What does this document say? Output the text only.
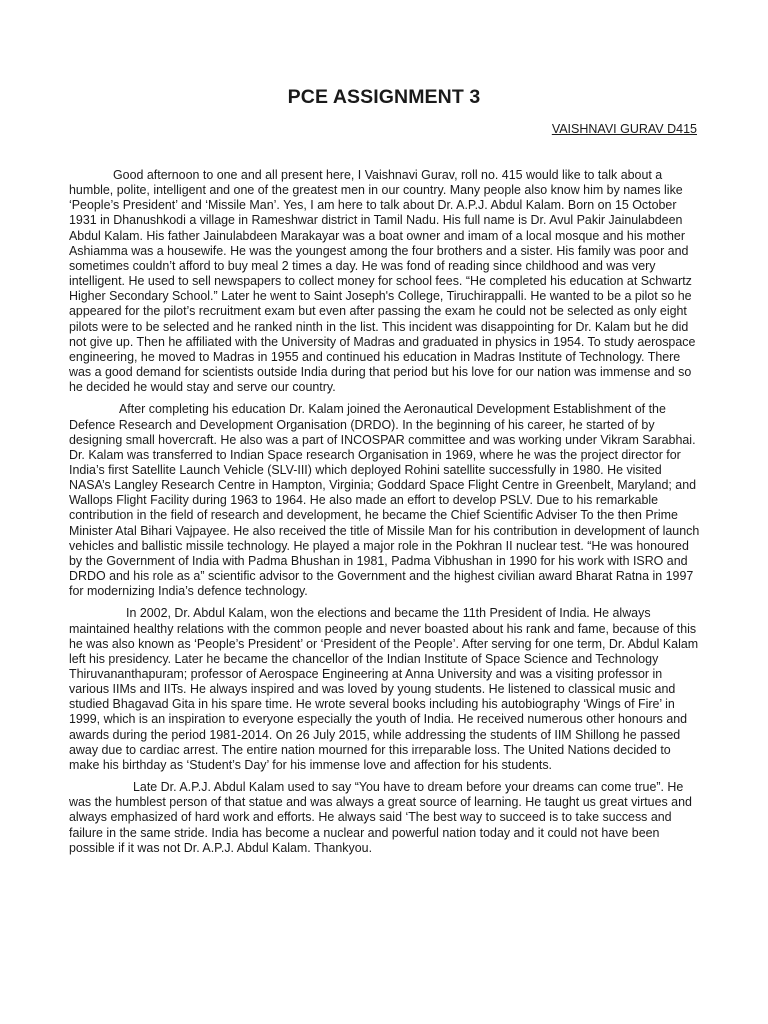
PCE ASSIGNMENT 3
VAISHNAVI GURAV D415

Good afternoon to one and all present here, I Vaishnavi Gurav, roll no. 415 would like to talk about a humble, polite, intelligent and one of the greatest men in our country. Many people also know him by names like ‘People’s President’ and ‘Missile Man’. Yes, I am here to talk about Dr. A.P.J. Abdul Kalam. Born on 15 October 1931 in Dhanushkodi a village in Rameshwar district in Tamil Nadu. His full name is Dr. Avul Pakir Jainulabdeen Abdul Kalam. His father Jainulabdeen Marakayar was a boat owner and imam of a local mosque and his mother Ashiamma was a housewife. He was the youngest among the four brothers and a sister. His family was poor and sometimes couldn’t afford to buy meal 2 times a day. He was fond of reading since childhood and was very intelligent. He used to sell newspapers to collect money for school fees. “He completed his education at Schwartz Higher Secondary School.” Later he went to Saint Joseph's College, Tiruchirappalli. He wanted to be a pilot so he appeared for the pilot’s recruitment exam but even after passing the exam he could not be selected as only eight pilots were to be selected and he ranked ninth in the list. This incident was disappointing for Dr. Kalam but he did not give up. Then he affiliated with the University of Madras and graduated in physics in 1954. To study aerospace engineering, he moved to Madras in 1955 and continued his education in Madras Institute of Technology. There was a good demand for scientists outside India during that period but his love for our nation was immense and so he decided he would stay and serve our country.

After completing his education Dr. Kalam joined the Aeronautical Development Establishment of the Defence Research and Development Organisation (DRDO). In the beginning of his career, he started of by designing small hovercraft. He also was a part of INCOSPAR committee and was working under Vikram Sarabhai. Dr. Kalam was transferred to Indian Space research Organisation in 1969, where he was the project director for India’s first Satellite Launch Vehicle (SLV-III) which deployed Rohini satellite successfully in 1980. He visited NASA’s Langley Research Centre in Hampton, Virginia; Goddard Space Flight Centre in Greenbelt, Maryland; and Wallops Flight Facility during 1963 to 1964. He also made an effort to develop PSLV. Due to his remarkable contribution in the field of research and development, he became the Chief Scientific Adviser To the then Prime Minister Atal Bihari Vajpayee. He also received the title of Missile Man for his contribution in development of launch vehicles and ballistic missile technology. He played a major role in the Pokhran II nuclear test. “He was honoured by the Government of India with Padma Bhushan in 1981, Padma Vibhushan in 1990 for his work with ISRO and DRDO and his role as a” scientific advisor to the Government and the highest civilian award Bharat Ratna in 1997 for modernizing India’s defence technology.

In 2002, Dr. Abdul Kalam, won the elections and became the 11th President of India. He always maintained healthy relations with the common people and never boasted about his rank and fame, because of this he was also known as ‘People’s President’ or ‘President of the People’. After serving for one term, Dr. Abdul Kalam left his presidency. Later he became the chancellor of the Indian Institute of Space Science and Technology Thiruvananthapuram; professor of Aerospace Engineering at Anna University and was a visiting professor in various IIMs and IITs. He always inspired and was loved by young students. He listened to classical music and studied Bhagavad Gita in his spare time. He wrote several books including his autobiography ‘Wings of Fire’ in 1999, which is an inspiration to everyone especially the youth of India. He received numerous other honours and awards during the period 1981-2014. On 26 July 2015, while addressing the students of IIM Shillong he passed away due to cardiac arrest. The entire nation mourned for this irreparable loss. The United Nations decided to make his birthday as ‘Student’s Day’ for his immense love and affection for his students.

Late Dr. A.P.J. Abdul Kalam used to say “You have to dream before your dreams can come true”. He was the humblest person of that statue and was always a great source of learning. He taught us great virtues and always emphasized of hard work and efforts. He always said ‘The best way to succeed is to take success and failure in the same stride. India has become a nuclear and powerful nation today and it could not have been possible if it was not Dr. A.P.J. Abdul Kalam. Thankyou.
